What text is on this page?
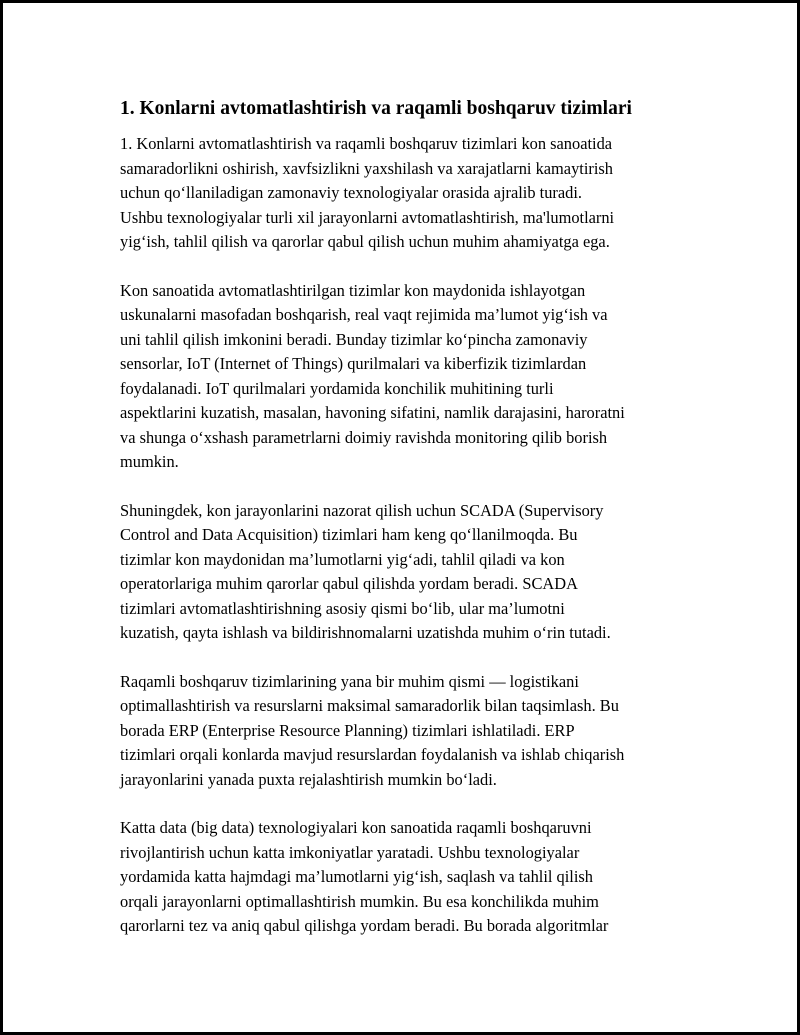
1. Konlarni avtomatlashtirish va raqamli boshqaruv tizimlari

1. Konlarni avtomatlashtirish va raqamli boshqaruv tizimlari kon sanoatida
samaradorlikni oshirish, xavfsizlikni yaxshilash va xarajatlarni kamaytirish
uchun qo‘llaniladigan zamonaviy texnologiyalar orasida ajralib turadi.
Ushbu texnologiyalar turli xil jarayonlarni avtomatlashtirish, ma'lumotlarni
yig‘ish, tahlil qilish va qarorlar qabul qilish uchun muhim ahamiyatga ega.

Kon sanoatida avtomatlashtirilgan tizimlar kon maydonida ishlayotgan
uskunalarni masofadan boshqarish, real vaqt rejimida ma’lumot yig‘ish va
uni tahlil qilish imkonini beradi. Bunday tizimlar ko‘pincha zamonaviy
sensorlar, IoT (Internet of Things) qurilmalari va kiberfizik tizimlardan
foydalanadi. IoT qurilmalari yordamida konchilik muhitining turli
aspektlarini kuzatish, masalan, havoning sifatini, namlik darajasini, haroratni
va shunga o‘xshash parametrlarni doimiy ravishda monitoring qilib borish
mumkin.

Shuningdek, kon jarayonlarini nazorat qilish uchun SCADA (Supervisory
Control and Data Acquisition) tizimlari ham keng qo‘llanilmoqda. Bu
tizimlar kon maydonidan ma’lumotlarni yig‘adi, tahlil qiladi va kon
operatorlariga muhim qarorlar qabul qilishda yordam beradi. SCADA
tizimlari avtomatlashtirishning asosiy qismi bo‘lib, ular ma’lumotni
kuzatish, qayta ishlash va bildirishnomalarni uzatishda muhim o‘rin tutadi.

Raqamli boshqaruv tizimlarining yana bir muhim qismi — logistikani
optimallashtirish va resurslarni maksimal samaradorlik bilan taqsimlash. Bu
borada ERP (Enterprise Resource Planning) tizimlari ishlatiladi. ERP
tizimlari orqali konlarda mavjud resurslardan foydalanish va ishlab chiqarish
jarayonlarini yanada puxta rejalashtirish mumkin bo‘ladi.

Katta data (big data) texnologiyalari kon sanoatida raqamli boshqaruvni
rivojlantirish uchun katta imkoniyatlar yaratadi. Ushbu texnologiyalar
yordamida katta hajmdagi ma’lumotlarni yig‘ish, saqlash va tahlil qilish
orqali jarayonlarni optimallashtirish mumkin. Bu esa konchilikda muhim
qarorlarni tez va aniq qabul qilishga yordam beradi. Bu borada algoritmlar
